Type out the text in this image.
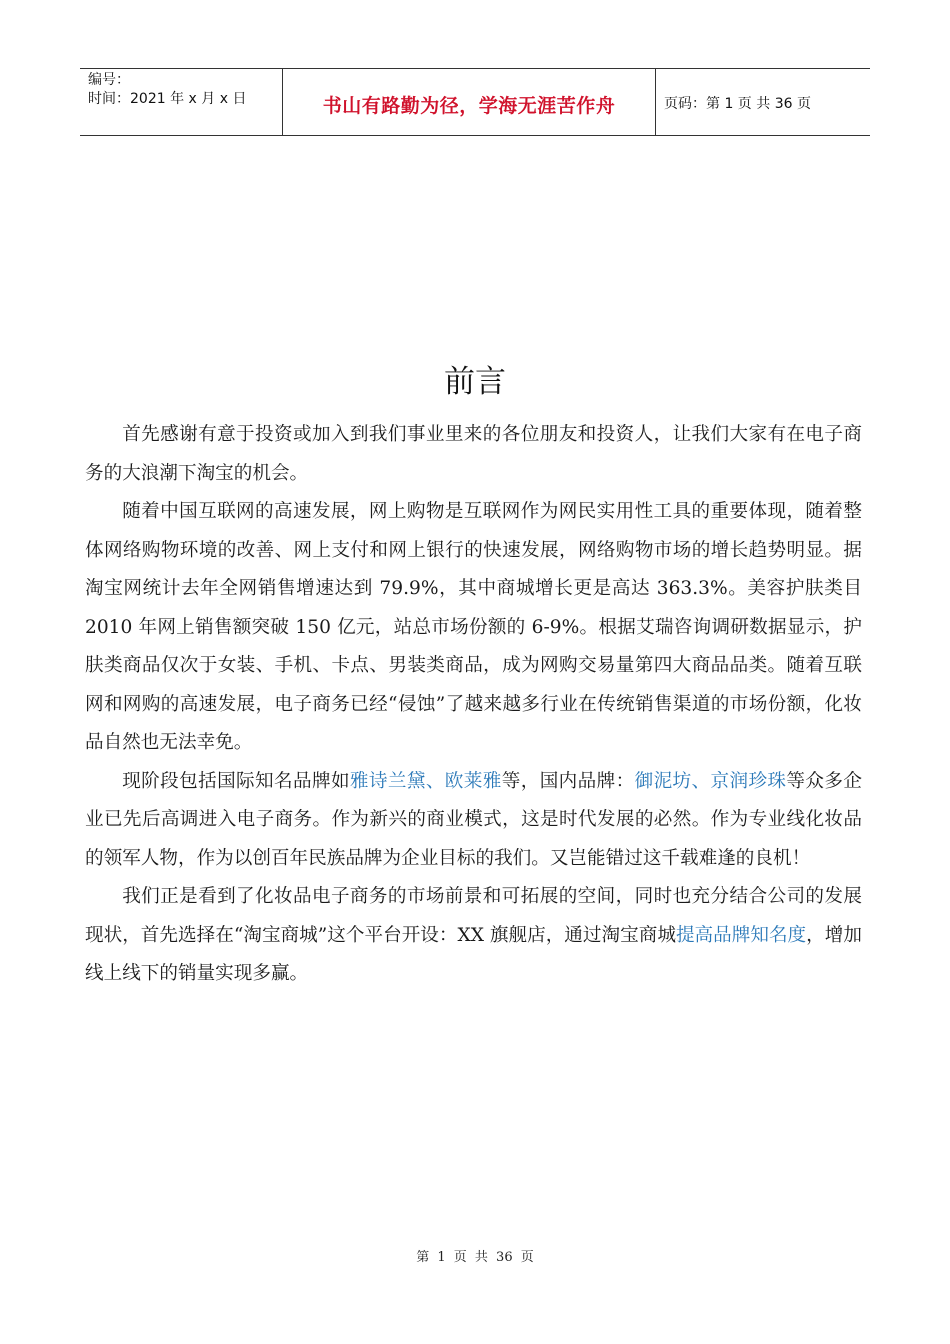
编号：
时间：2021 年 x 月 x 日	书山有路勤为径，学海无涯苦作舟	页码：第 1 页 共 36 页
前言

首先感谢有意于投资或加入到我们事业里来的各位朋友和投资人，让我们大家有在电子商务的大浪潮下淘宝的机会。

随着中国互联网的高速发展，网上购物是互联网作为网民实用性工具的重要体现，随着整体网络购物环境的改善、网上支付和网上银行的快速发展，网络购物市场的增长趋势明显。据淘宝网统计去年全网销售增速达到 79.9%，其中商城增长更是高达 363.3%。美容护肤类目 2010 年网上销售额突破 150 亿元，站总市场份额的 6-9%。根据艾瑞咨询调研数据显示，护肤类商品仅次于女装、手机、卡点、男装类商品，成为网购交易量第四大商品品类。随着互联网和网购的高速发展，电子商务已经“侵蚀”了越来越多行业在传统销售渠道的市场份额，化妆品自然也无法幸免。

现阶段包括国际知名品牌如雅诗兰黛、欧莱雅等，国内品牌：御泥坊、京润珍珠等众多企业已先后高调进入电子商务。作为新兴的商业模式，这是时代发展的必然。作为专业线化妆品的领军人物，作为以创百年民族品牌为企业目标的我们。又岂能错过这千载难逢的良机！

我们正是看到了化妆品电子商务的市场前景和可拓展的空间，同时也充分结合公司的发展现状，首先选择在“淘宝商城”这个平台开设：XX 旗舰店，通过淘宝商城提高品牌知名度，增加线上线下的销量实现多赢。

第 1 页 共 36 页
